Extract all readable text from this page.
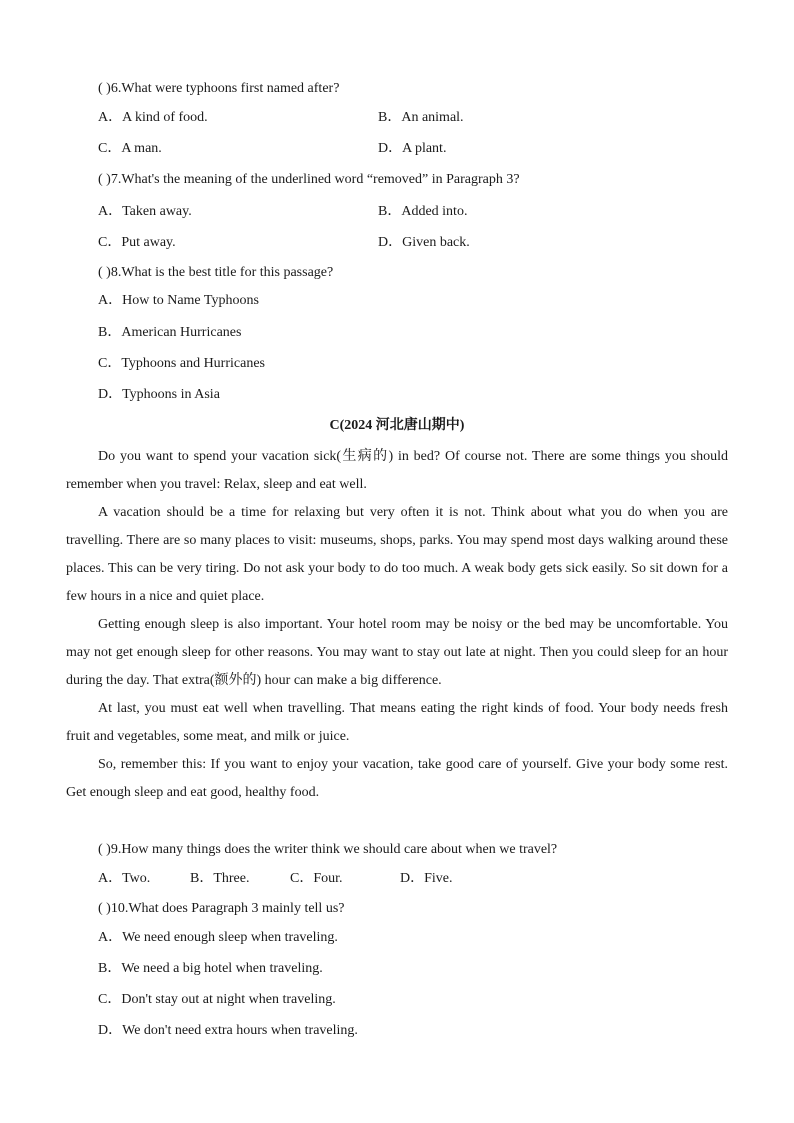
( )6.What were typhoons first named after?
A．A kind of food.	B．An animal.
C．A man.	D．A plant.
( )7.What's the meaning of the underlined word “removed” in Paragraph 3?
A．Taken away.	B．Added into.
C．Put away.	D．Given back.
( )8.What is the best title for this passage?
A．How to Name Typhoons
B．American Hurricanes
C．Typhoons and Hurricanes
D．Typhoons in Asia
C(2024 河北唐山期中)

Do you want to spend your vacation sick(生病的) in bed? Of course not. There are some things you should remember when you travel: Relax, sleep and eat well.

A vacation should be a time for relaxing but very often it is not. Think about what you do when you are travelling. There are so many places to visit: museums, shops, parks. You may spend most days walking around these places. This can be very tiring. Do not ask your body to do too much. A weak body gets sick easily. So sit down for a few hours in a nice and quiet place.

Getting enough sleep is also important. Your hotel room may be noisy or the bed may be uncomfortable. You may not get enough sleep for other reasons. You may want to stay out late at night. Then you could sleep for an hour during the day. That extra(额外的) hour can make a big difference.

At last, you must eat well when travelling. That means eating the right kinds of food. Your body needs fresh fruit and vegetables, some meat, and milk or juice.

So, remember this: If you want to enjoy your vacation, take good care of yourself. Give your body some rest. Get enough sleep and eat good, healthy food.

( )9.How many things does the writer think we should care about when we travel?
A．Two.	B．Three.	C．Four.	D．Five.
( )10.What does Paragraph 3 mainly tell us?
A．We need enough sleep when traveling.
B．We need a big hotel when traveling.
C．Don't stay out at night when traveling.
D．We don't need extra hours when traveling.
